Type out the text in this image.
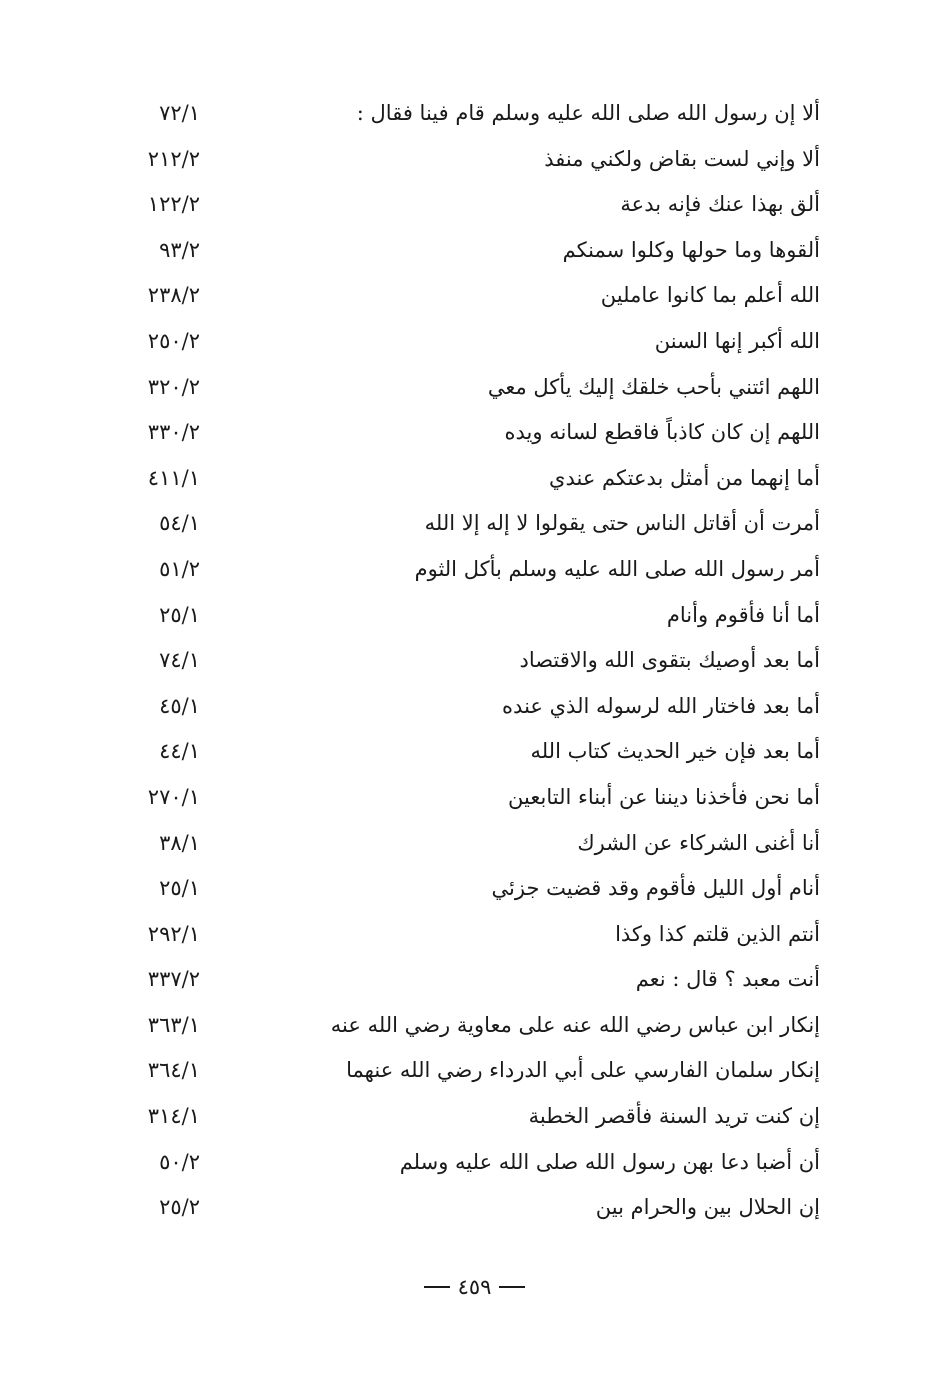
ألا إن رسول الله صلى الله عليه وسلم قام فينا فقال :
٧٢/١
ألا وإني لست بقاض ولكني منفذ
٢١٢/٢
ألق بهذا عنك فإنه بدعة
١٢٢/٢
ألقوها وما حولها وكلوا سمنكم
٩٣/٢
الله أعلم بما كانوا عاملين
٢٣٨/٢
الله أكبر إنها السنن
٢٥٠/٢
اللهم ائتني بأحب خلقك إليك يأكل معي
٣٢٠/٢
اللهم إن كان كاذباً فاقطع لسانه ويده
٣٣٠/٢
أما إنهما من أمثل بدعتكم عندي
٤١١/١
أمرت أن أقاتل الناس حتى يقولوا لا إله إلا الله
٥٤/١
أمر رسول الله صلى الله عليه وسلم بأكل الثوم
٥١/٢
أما أنا فأقوم وأنام
٢٥/١
أما بعد أوصيك بتقوى الله والاقتصاد
٧٤/١
أما بعد فاختار الله لرسوله الذي عنده
٤٥/١
أما بعد فإن خير الحديث كتاب الله
٤٤/١
أما نحن فأخذنا ديننا عن أبناء التابعين
٢٧٠/١
أنا أغنى الشركاء عن الشرك
٣٨/١
أنام أول الليل فأقوم وقد قضيت جزئي
٢٥/١
أنتم الذين قلتم كذا وكذا
٢٩٢/١
أنت معبد ؟ قال : نعم
٣٣٧/٢
إنكار ابن عباس رضي الله عنه على معاوية رضي الله عنه
٣٦٣/١
إنكار سلمان الفارسي على أبي الدرداء رضي الله عنهما
٣٦٤/١
إن كنت تريد السنة فأقصر الخطبة
٣١٤/١
أن أضبا دعا بهن رسول الله صلى الله عليه وسلم
٥٠/٢
إن الحلال بين والحرام بين
٢٥/٢
٤٥٩
